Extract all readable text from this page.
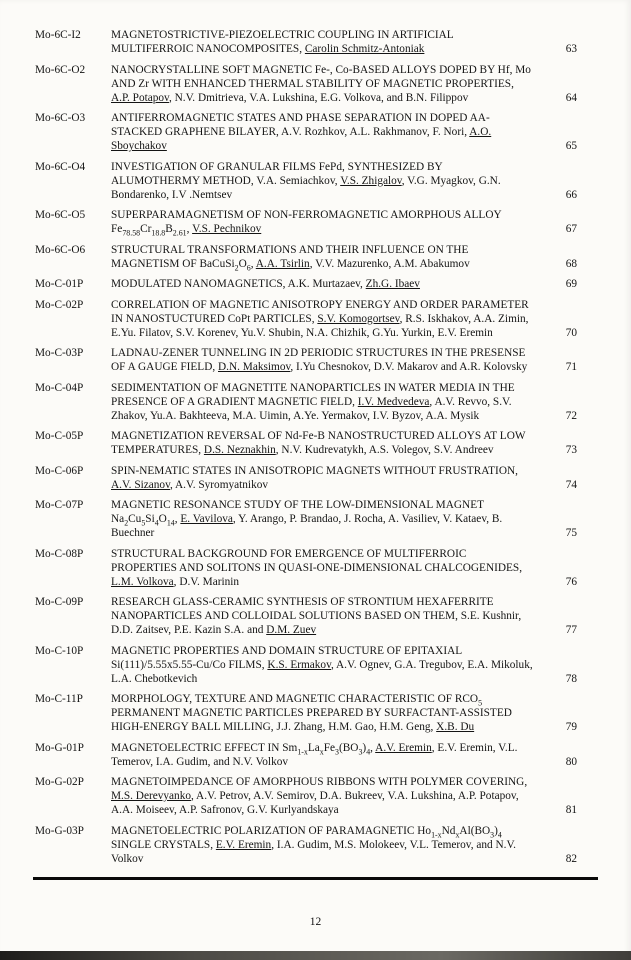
Mo-6C-I2	MAGNETOSTRICTIVE-PIEZOELECTRIC COUPLING IN ARTIFICIAL MULTIFERROIC NANOCOMPOSITES, Carolin Schmitz-Antoniak	63
Mo-6C-O2	NANOCRYSTALLINE SOFT MAGNETIC Fe-, Co-BASED ALLOYS DOPED BY Hf, Mo AND Zr WITH ENHANCED THERMAL STABILITY OF MAGNETIC PROPERTIES, A.P. Potapov, N.V. Dmitrieva, V.A. Lukshina, E.G. Volkova, and B.N. Filippov	64
Mo-6C-O3	ANTIFERROMAGNETIC STATES AND PHASE SEPARATION IN DOPED AA-STACKED GRAPHENE BILAYER, A.V. Rozhkov, A.L. Rakhmanov, F. Nori, A.O. Sboychakov	65
Mo-6C-O4	INVESTIGATION OF GRANULAR FILMS FePd, SYNTHESIZED BY ALUMOTHERMY METHOD, V.A. Semiachkov, V.S. Zhigalov, V.G. Myagkov, G.N. Bondarenko, I.V .Nemtsev	66
Mo-6C-O5	SUPERPARAMAGNETISM OF NON-FERROMAGNETIC AMORPHOUS ALLOY $Fe_{78.58}Cr_{18.8}B_{2.61}$, V.S. Pechnikov	67
Mo-6C-O6	STRUCTURAL TRANSFORMATIONS AND THEIR INFLUENCE ON THE MAGNETISM OF $BaCuSi_2O_6$, A.A. Tsirlin, V.V. Mazurenko, A.M. Abakumov	68
Mo-C-01P	MODULATED NANOMAGNETICS, A.K. Murtazaev, Zh.G. Ibaev	69
Mo-C-02P	CORRELATION OF MAGNETIC ANISOTROPY ENERGY AND ORDER PARAMETER IN NANOSTUCTURED CoPt PARTICLES, S.V. Komogortsev, R.S. Iskhakov, A.A. Zimin, E.Yu. Filatov, S.V. Korenev, Yu.V. Shubin, N.A. Chizhik, G.Yu. Yurkin, E.V. Eremin	70
Mo-C-03P	LADNAU-ZENER TUNNELING IN 2D PERIODIC STRUCTURES IN THE PRESENSE OF A GAUGE FIELD, D.N. Maksimov, I.Yu Chesnokov, D.V. Makarov and A.R. Kolovsky	71
Mo-C-04P	SEDIMENTATION OF MAGNETITE NANOPARTICLES IN WATER MEDIA IN THE PRESENCE OF A GRADIENT MAGNETIC FIELD, I.V. Medvedeva, A.V. Revvo, S.V. Zhakov, Yu.A. Bakhteeva, M.A. Uimin, A.Ye. Yermakov, I.V. Byzov, A.A. Mysik	72
Mo-C-05P	MAGNETIZATION REVERSAL OF Nd-Fe-B NANOSTRUCTURED ALLOYS AT LOW TEMPERATURES, D.S. Neznakhin, N.V. Kudrevatykh, A.S. Volegov, S.V. Andreev	73
Mo-C-06P	SPIN-NEMATIC STATES IN ANISOTROPIC MAGNETS WITHOUT FRUSTRATION, A.V. Sizanov, A.V. Syromyatnikov	74
Mo-C-07P	MAGNETIC RESONANCE STUDY OF THE LOW-DIMENSIONAL MAGNET $Na_2Cu_5Si_4O_{14}$, E. Vavilova, Y. Arango, P. Brandao, J. Rocha, A. Vasiliev, V. Kataev, B. Buechner	75
Mo-C-08P	STRUCTURAL BACKGROUND FOR EMERGENCE OF MULTIFERROIC PROPERTIES AND SOLITONS IN QUASI-ONE-DIMENSIONAL CHALCOGENIDES, L.M. Volkova, D.V. Marinin	76
Mo-C-09P	RESEARCH GLASS-CERAMIC SYNTHESIS OF STRONTIUM HEXAFERRITE NANOPARTICLES AND COLLOIDAL SOLUTIONS BASED ON THEM, S.E. Kushnir, D.D. Zaitsev, P.E. Kazin S.A. and D.M. Zuev	77
Mo-C-10P	MAGNETIC PROPERTIES AND DOMAIN STRUCTURE OF EPITAXIAL Si(111)/5.55x5.55-Cu/Co FILMS, K.S. Ermakov, A.V. Ognev, G.A. Tregubov, E.A. Mikoluk, L.A. Chebotkevich	78
Mo-C-11P	MORPHOLOGY, TEXTURE AND MAGNETIC CHARACTERISTIC OF $RCO_5$ PERMANENT MAGNETIC PARTICLES PREPARED BY SURFACTANT-ASSISTED HIGH-ENERGY BALL MILLING, J.J. Zhang, H.M. Gao, H.M. Geng, X.B. Du	79
Mo-G-01P	MAGNETOELECTRIC EFFECT IN $Sm_{1-x}La_xFe_3(BO_3)_4$, A.V. Eremin, E.V. Eremin, V.L. Temerov, I.A. Gudim, and N.V. Volkov	80
Mo-G-02P	MAGNETOIMPEDANCE OF AMORPHOUS RIBBONS WITH POLYMER COVERING, M.S. Derevyanko, A.V. Petrov, A.V. Semirov, D.A. Bukreev, V.A. Lukshina, A.P. Potapov, A.A. Moiseev, A.P. Safronov, G.V. Kurlyandskaya	81
Mo-G-03P	MAGNETOELECTRIC POLARIZATION OF PARAMAGNETIC $Ho_{1-x}Nd_xAl(BO_3)_4$ SINGLE CRYSTALS, E.V. Eremin, I.A. Gudim, M.S. Molokeev, V.L. Temerov, and N.V. Volkov	82
12
